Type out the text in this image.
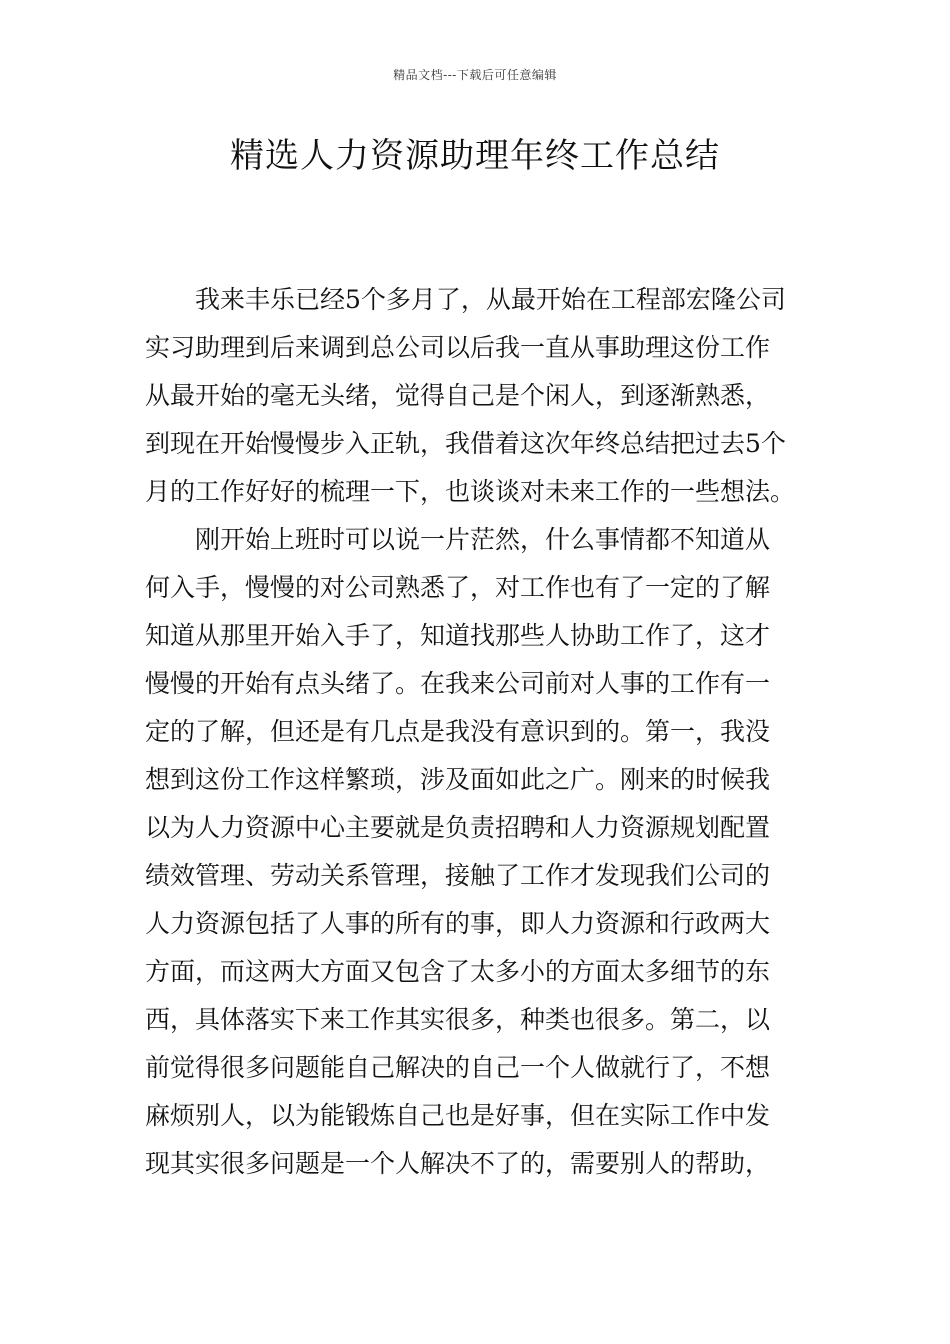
精品文档---下载后可任意编辑
精选人力资源助理年终工作总结
我来丰乐已经5个多月了，从最开始在工程部宏隆公司
实习助理到后来调到总公司以后我一直从事助理这份工作
从最开始的毫无头绪，觉得自己是个闲人，到逐渐熟悉，
到现在开始慢慢步入正轨，我借着这次年终总结把过去5个
月的工作好好的梳理一下，也谈谈对未来工作的一些想法。
刚开始上班时可以说一片茫然，什么事情都不知道从
何入手，慢慢的对公司熟悉了，对工作也有了一定的了解
知道从那里开始入手了，知道找那些人协助工作了，这才
慢慢的开始有点头绪了。在我来公司前对人事的工作有一
定的了解，但还是有几点是我没有意识到的。第一，我没
想到这份工作这样繁琐，涉及面如此之广。刚来的时候我
以为人力资源中心主要就是负责招聘和人力资源规划配置
绩效管理、劳动关系管理，接触了工作才发现我们公司的
人力资源包括了人事的所有的事，即人力资源和行政两大
方面，而这两大方面又包含了太多小的方面太多细节的东
西，具体落实下来工作其实很多，种类也很多。第二，以
前觉得很多问题能自己解决的自己一个人做就行了，不想
麻烦别人，以为能锻炼自己也是好事，但在实际工作中发
现其实很多问题是一个人解决不了的，需要别人的帮助，
